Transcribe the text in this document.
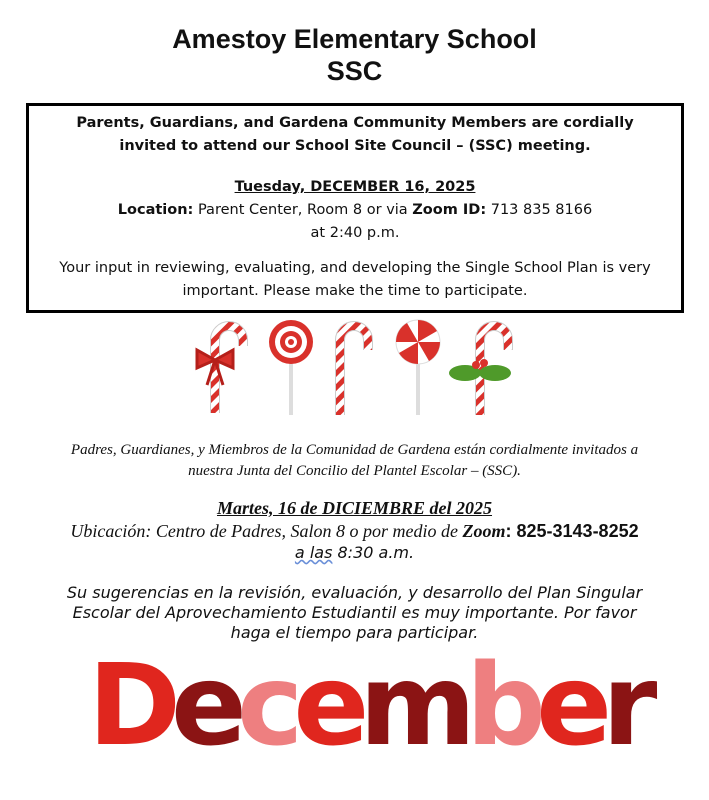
Amestoy Elementary School
SSC

Parents, Guardians, and Gardena Community Members are cordially invited to attend our School Site Council – (SSC) meeting.

Tuesday, DECEMBER 16, 2025

Location: Parent Center, Room 8 or via Zoom ID: 713 835 8166

at 2:40 p.m.

Your input in reviewing, evaluating, and developing the Single School Plan is very important. Please make the time to participate.

Padres, Guardianes, y Miembros de la Comunidad de Gardena están cordialmente invitados a
nuestra Junta del Concilio del Plantel Escolar – (SSC).
Martes, 16 de DICIEMBRE del 2025
Ubicación: Centro de Padres, Salon 8 o por medio de Zoom: 825-3143-8252
a las 8:30 a.m.
Su sugerencias en la revisión, evaluación, y desarrollo del Plan Singular
Escolar del Aprovechamiento Estudiantil es muy importante. Por favor
haga el tiempo para participar.
December
